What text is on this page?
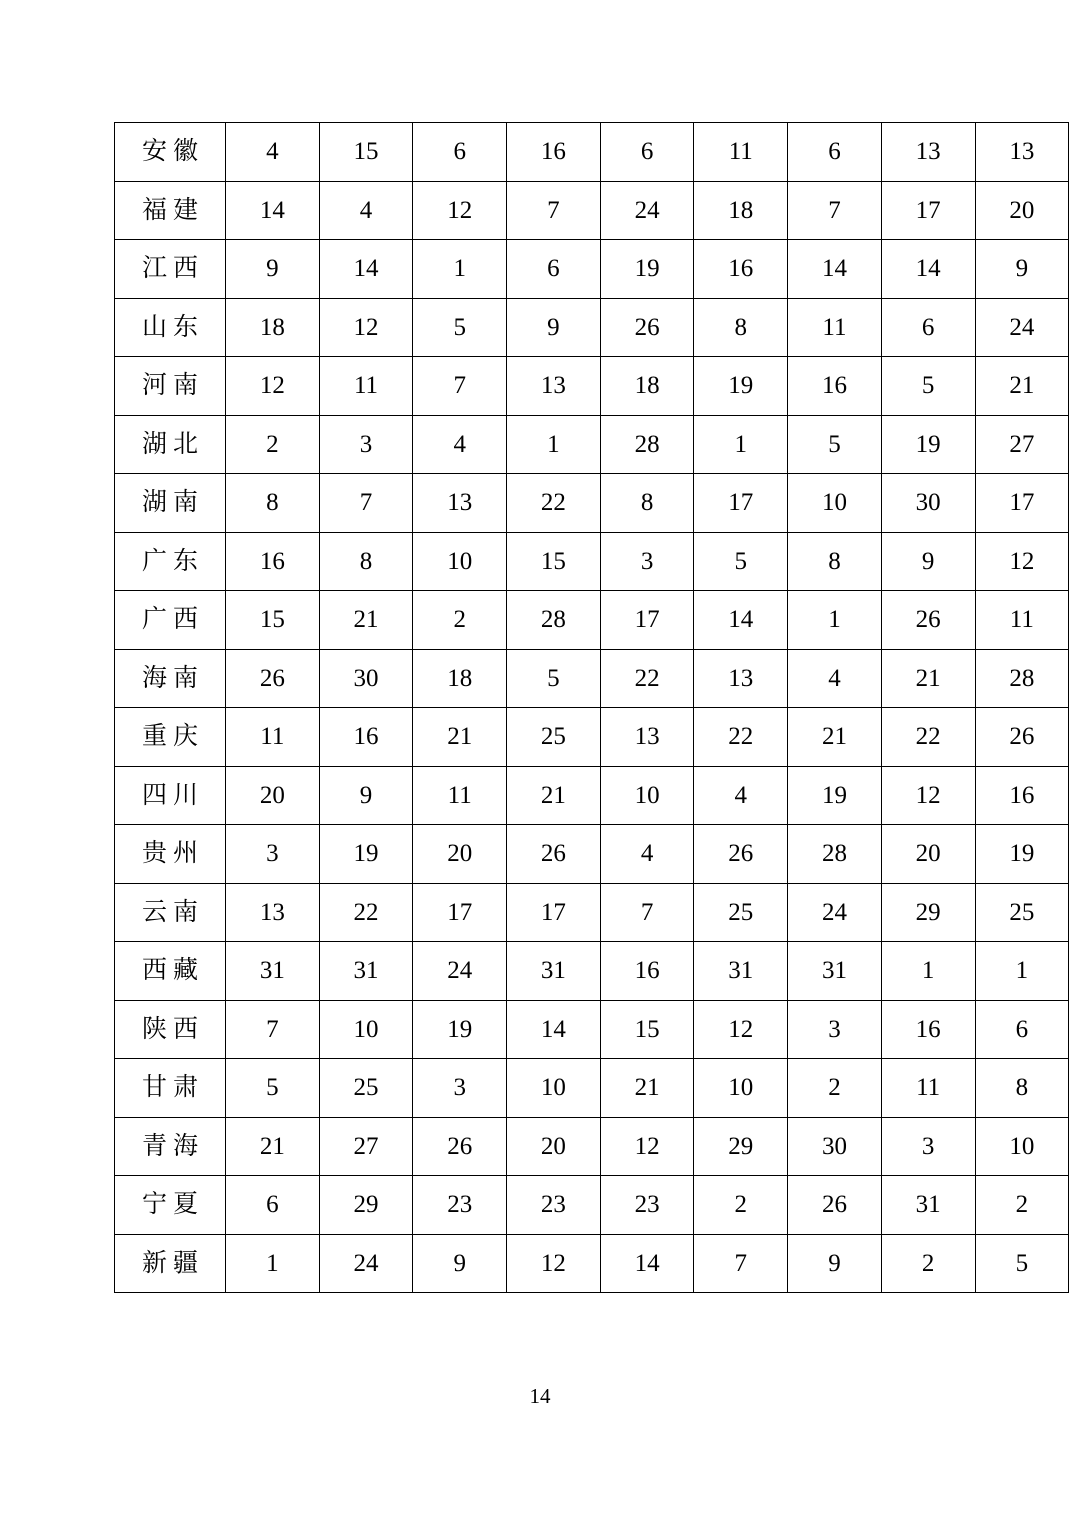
安徽	4	15	6	16	6	11	6	13	13
福建	14	4	12	7	24	18	7	17	20
江西	9	14	1	6	19	16	14	14	9
山东	18	12	5	9	26	8	11	6	24
河南	12	11	7	13	18	19	16	5	21
湖北	2	3	4	1	28	1	5	19	27
湖南	8	7	13	22	8	17	10	30	17
广东	16	8	10	15	3	5	8	9	12
广西	15	21	2	28	17	14	1	26	11
海南	26	30	18	5	22	13	4	21	28
重庆	11	16	21	25	13	22	21	22	26
四川	20	9	11	21	10	4	19	12	16
贵州	3	19	20	26	4	26	28	20	19
云南	13	22	17	17	7	25	24	29	25
西藏	31	31	24	31	16	31	31	1	1
陕西	7	10	19	14	15	12	3	16	6
甘肃	5	25	3	10	21	10	2	11	8
青海	21	27	26	20	12	29	30	3	10
宁夏	6	29	23	23	23	2	26	31	2
新疆	1	24	9	12	14	7	9	2	5
14
